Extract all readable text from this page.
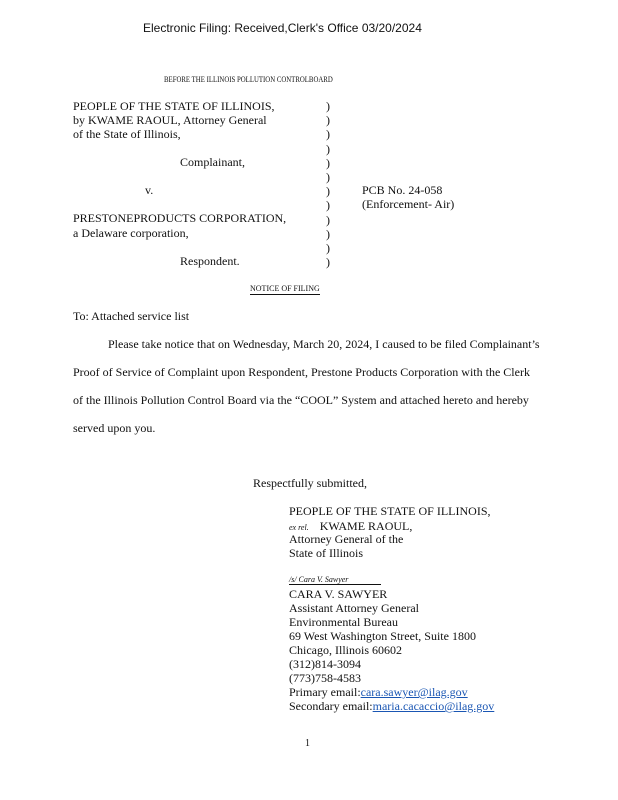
Electronic Filing: Received,Clerk's Office 03/20/2024
BEFORE THE ILLINOIS POLLUTION CONTROLBOARD
PEOPLE OF THE STATE OF ILLINOIS,
by KWAME RAOUL, Attorney General
of the State of Illinois,
Complainant,
v.
PRESTONEPRODUCTS CORPORATION,
a Delaware corporation,
Respondent.
)
)
)
)
)
)
)
)
)
)
)
)
PCB No. 24-058
(Enforcement- Air)
NOTICE OF FILING
To: Attached service list
Please take notice that on Wednesday, March 20, 2024, I caused to be filed Complainant’s
Proof of Service of Complaint upon Respondent, Prestone Products Corporation with the Clerk
of the Illinois Pollution Control Board via the “COOL” System and attached hereto and hereby
served upon you.
Respectfully submitted,
PEOPLE OF THE STATE OF ILLINOIS,
ex rel. KWAME RAOUL,
Attorney General of the
State of Illinois
/s/ Cara V. Sawyer
CARA V. SAWYER
Assistant Attorney General
Environmental Bureau
69 West Washington Street, Suite 1800
Chicago, Illinois 60602
(312)814-3094
(773)758-4583
Primary email:cara.sawyer@ilag.gov
Secondary email:maria.cacaccio@ilag.gov
1
